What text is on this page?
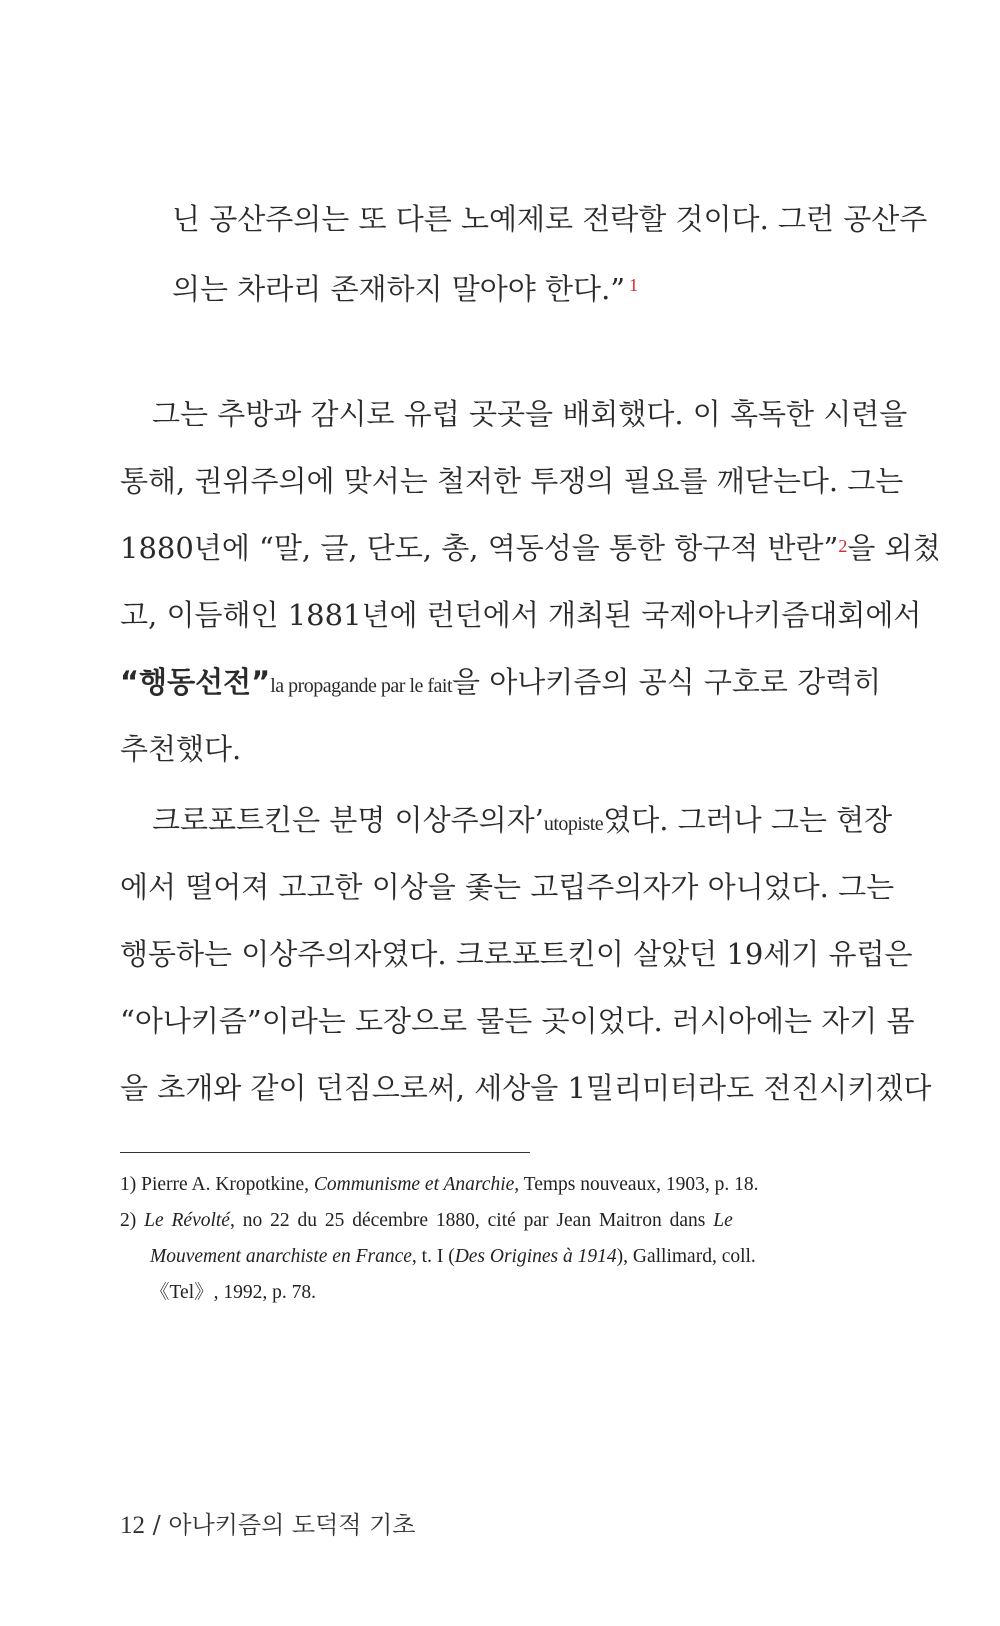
닌 공산주의는 또 다른 노예제로 전락할 것이다. 그런 공산주
의는 차라리 존재하지 말아야 한다.” $^1$
그는 추방과 감시로 유럽 곳곳을 배회했다. 이 혹독한 시련을
통해, 권위주의에 맞서는 철저한 투쟁의 필요를 깨닫는다. 그는
1880년에 “말, 글, 단도, 총, 역동성을 통한 항구적 반란”$^2$을 외쳤
고, 이듬해인 1881년에 런던에서 개최된 국제아나키즘대회에서
“행동선전”la propagande par le fait을 아나키즘의 공식 구호로 강력히
추천했다.
크로포트킨은 분명 이상주의자’utopiste였다. 그러나 그는 현장
에서 떨어져 고고한 이상을 좇는 고립주의자가 아니었다. 그는
행동하는 이상주의자였다. 크로포트킨이 살았던 19세기 유럽은
“아나키즘”이라는 도장으로 물든 곳이었다. 러시아에는 자기 몸
을 초개와 같이 던짐으로써, 세상을 1밀리미터라도 전진시키겠다
1) Pierre A. Kropotkine, Communisme et Anarchie, Temps nouveaux, 1903, p. 18.
2) Le Révolté, no 22 du 25 décembre 1880, cité par Jean Maitron dans Le
Mouvement anarchiste en France, t. I (Des Origines à 1914), Gallimard, coll.
《Tel》, 1992, p. 78.
12 / 아나키즘의 도덕적 기초
